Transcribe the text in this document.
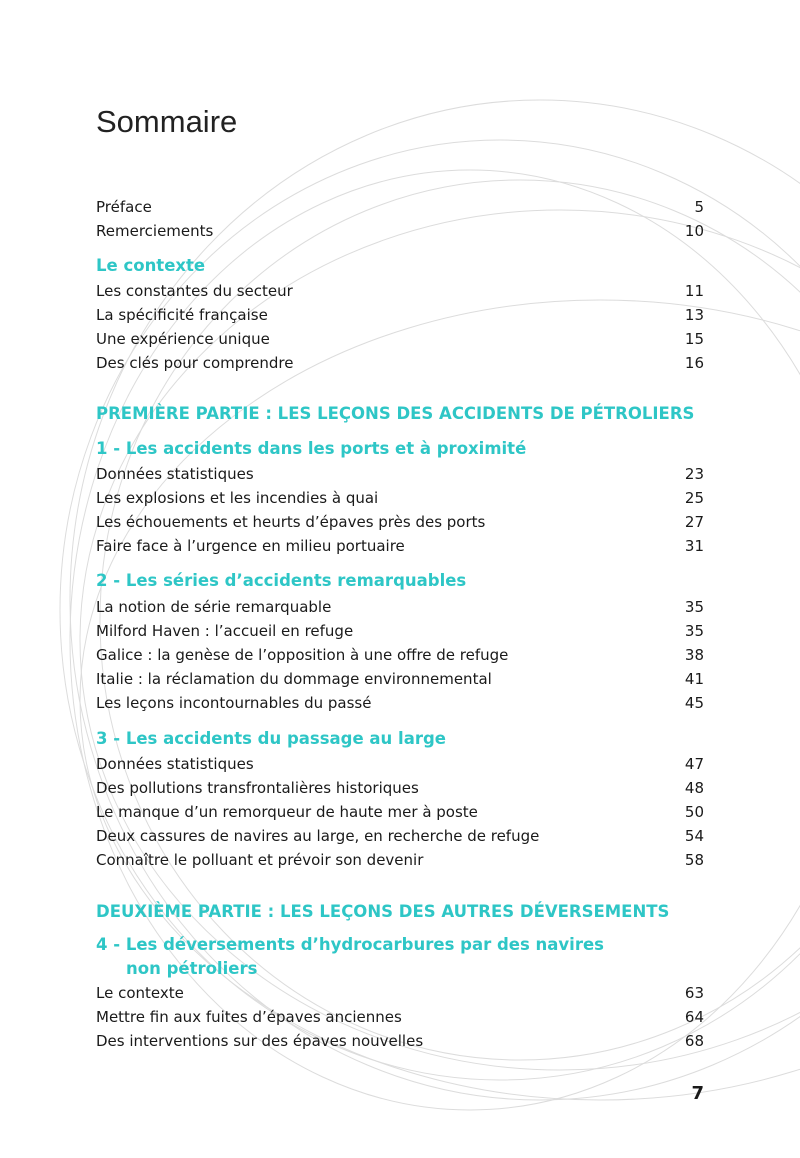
Sommaire
Préface	5
Remerciements	10
Le contexte
Les constantes du secteur	11
La spécificité française	13
Une expérience unique	15
Des clés pour comprendre	16
PREMIÈRE PARTIE : LES LEÇONS DES ACCIDENTS DE PÉTROLIERS
1 - Les accidents dans les ports et à proximité
Données statistiques	23
Les explosions et les incendies à quai	25
Les échouements et heurts d’épaves près des ports	27
Faire face à l’urgence en milieu portuaire	31
2 - Les séries d’accidents remarquables
La notion de série remarquable	35
Milford Haven : l’accueil en refuge	35
Galice : la genèse de l’opposition à une offre de refuge	38
Italie : la réclamation du dommage environnemental	41
Les leçons incontournables du passé	45
3 - Les accidents du passage au large
Données statistiques	47
Des pollutions transfrontalières historiques	48
Le manque d’un remorqueur de haute mer à poste	50
Deux cassures de navires au large, en recherche de refuge	54
Connaître le polluant et prévoir son devenir	58
DEUXIÈME PARTIE : LES LEÇONS DES AUTRES DÉVERSEMENTS
4 - Les déversements d’hydrocarbures par des navires
non pétroliers
Le contexte	63
Mettre fin aux fuites d’épaves anciennes	64
Des interventions sur des épaves nouvelles	68
7
